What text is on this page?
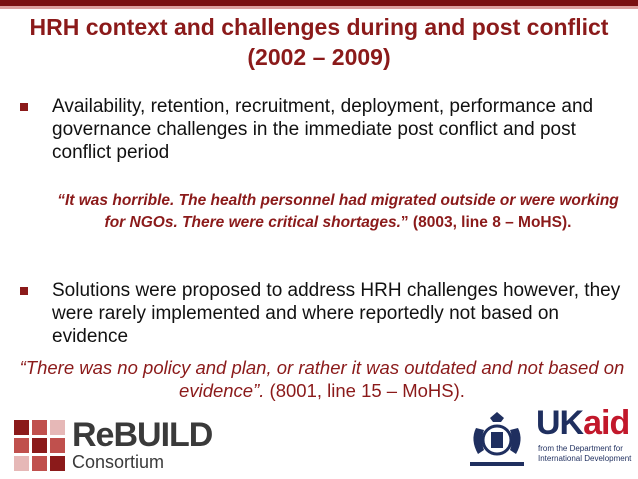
HRH context and challenges during and post conflict (2002 – 2009)
Availability, retention, recruitment, deployment, performance and governance challenges in the immediate post conflict and post conflict period
“It was horrible. The health personnel had migrated outside or were working for NGOs. There were critical shortages.” (8003, line 8 – MoHS).
Solutions were proposed to address HRH challenges however, they were rarely implemented and where reportedly not based on evidence
“There was no policy and plan, or rather it was outdated and not based on evidence”. (8001, line 15 – MoHS).
ReBUILD
Consortium
UKaid
from the Department for International Development
